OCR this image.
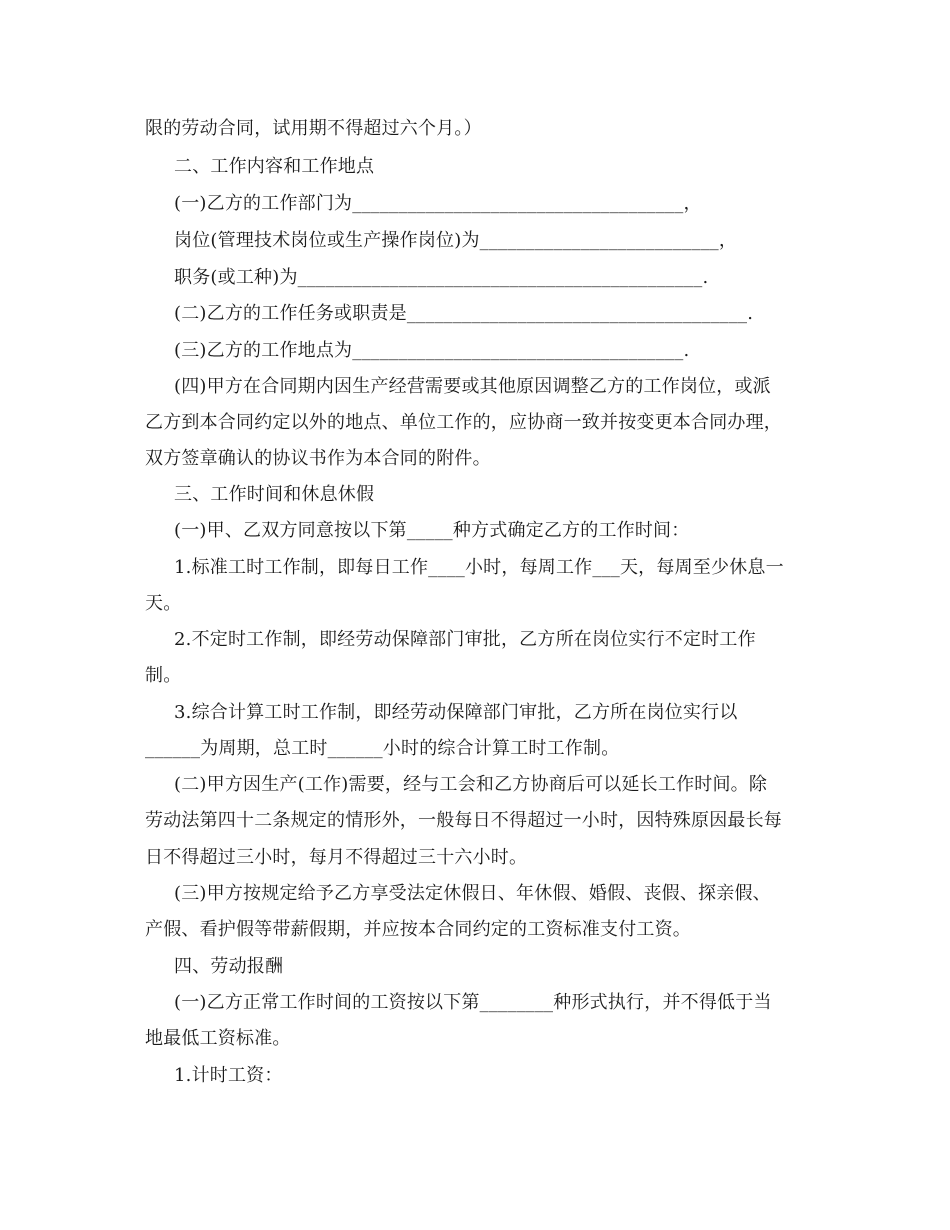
限的劳动合同，试用期不得超过六个月。）
二、工作内容和工作地点
(一)乙方的工作部门为____________________________________，
岗位(管理技术岗位或生产操作岗位)为__________________________，
职务(或工种)为____________________________________________.
(二)乙方的工作任务或职责是_____________________________________.
(三)乙方的工作地点为____________________________________.
(四)甲方在合同期内因生产经营需要或其他原因调整乙方的工作岗位，或派
乙方到本合同约定以外的地点、单位工作的，应协商一致并按变更本合同办理，
双方签章确认的协议书作为本合同的附件。
三、工作时间和休息休假
(一)甲、乙双方同意按以下第_____种方式确定乙方的工作时间：
1.标准工时工作制，即每日工作____小时，每周工作___天，每周至少休息一
天。
2.不定时工作制，即经劳动保障部门审批，乙方所在岗位实行不定时工作
制。
3.综合计算工时工作制，即经劳动保障部门审批，乙方所在岗位实行以
______为周期，总工时______小时的综合计算工时工作制。
(二)甲方因生产(工作)需要，经与工会和乙方协商后可以延长工作时间。除
劳动法第四十二条规定的情形外，一般每日不得超过一小时，因特殊原因最长每
日不得超过三小时，每月不得超过三十六小时。
(三)甲方按规定给予乙方享受法定休假日、年休假、婚假、丧假、探亲假、
产假、看护假等带薪假期，并应按本合同约定的工资标准支付工资。
四、劳动报酬
(一)乙方正常工作时间的工资按以下第________种形式执行，并不得低于当
地最低工资标准。
1.计时工资：
